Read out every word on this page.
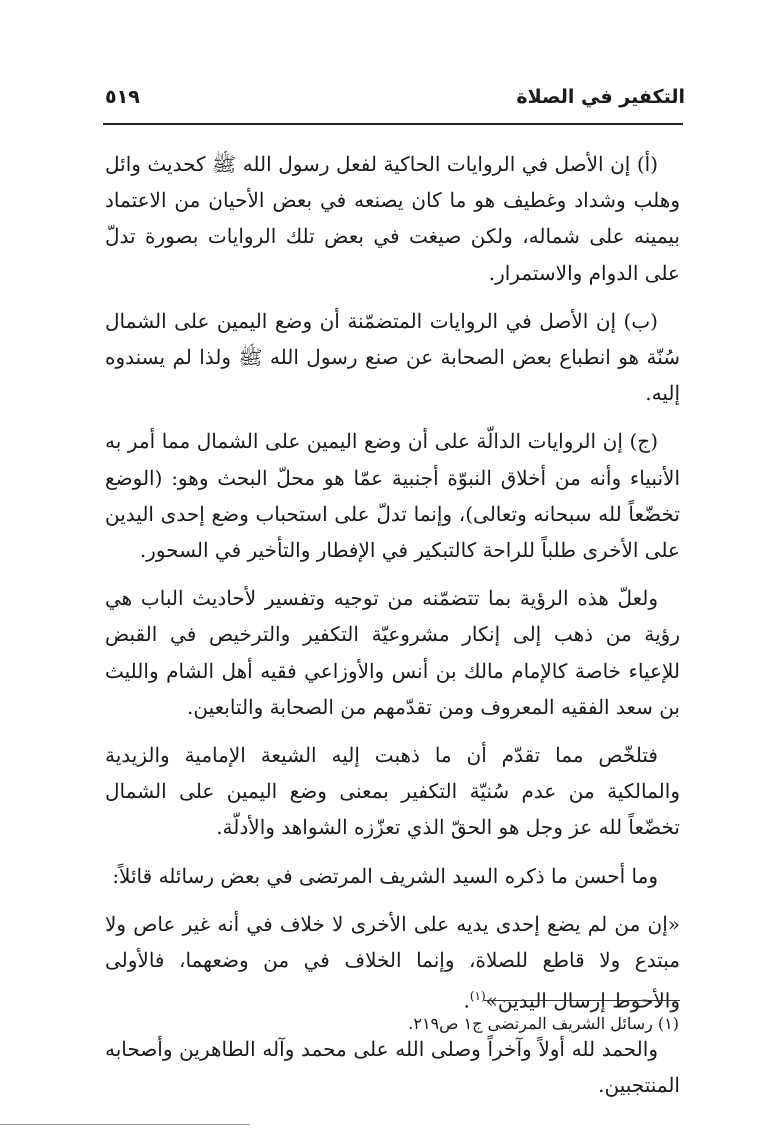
التكفير في الصلاة
٥١٩

(أ) إن الأصل في الروايات الحاكية لفعل رسول الله ﷺ كحديث وائل وهلب وشداد وغطيف هو ما كان يصنعه في بعض الأحيان من الاعتماد بيمينه على شماله، ولكن صيغت في بعض تلك الروايات بصورة تدلّ على الدوام والاستمرار.

(ب) إن الأصل في الروايات المتضمّنة أن وضع اليمين على الشمال سُنّة هو انطباع بعض الصحابة عن صنع رسول الله ﷺ ولذا لم يسندوه إليه.

(ج) إن الروايات الدالّة على أن وضع اليمين على الشمال مما أمر به الأنبياء وأنه من أخلاق النبوّة أجنبية عمّا هو محلّ البحث وهو: (الوضع تخضّعاً لله سبحانه وتعالى)، وإنما تدلّ على استحباب وضع إحدى اليدين على الأخرى طلباً للراحة كالتبكير في الإفطار والتأخير في السحور.

ولعلّ هذه الرؤية بما تتضمّنه من توجيه وتفسير لأحاديث الباب هي رؤية من ذهب إلى إنكار مشروعيّة التكفير والترخيص في القبض للإعياء خاصة كالإمام مالك بن أنس والأوزاعي فقيه أهل الشام والليث بن سعد الفقيه المعروف ومن تقدّمهم من الصحابة والتابعين.

فتلخّص مما تقدّم أن ما ذهبت إليه الشيعة الإمامية والزيدية والمالكية من عدم سُنيّة التكفير بمعنى وضع اليمين على الشمال تخضّعاً لله عز وجل هو الحقّ الذي تعزّزه الشواهد والأدلّة.

وما أحسن ما ذكره السيد الشريف المرتضى في بعض رسائله قائلاً:

«إن من لم يضع إحدى يديه على الأخرى لا خلاف في أنه غير عاص ولا مبتدع ولا قاطع للصلاة، وإنما الخلاف في من وضعهما، فالأولى والأحوط إرسال اليدين»$^{(١)}$.

والحمد لله أولاً وآخراً وصلى الله على محمد وآله الطاهرين وأصحابه المنتجبين.

(١) رسائل الشريف المرتضى ج١ ص٢١٩.
